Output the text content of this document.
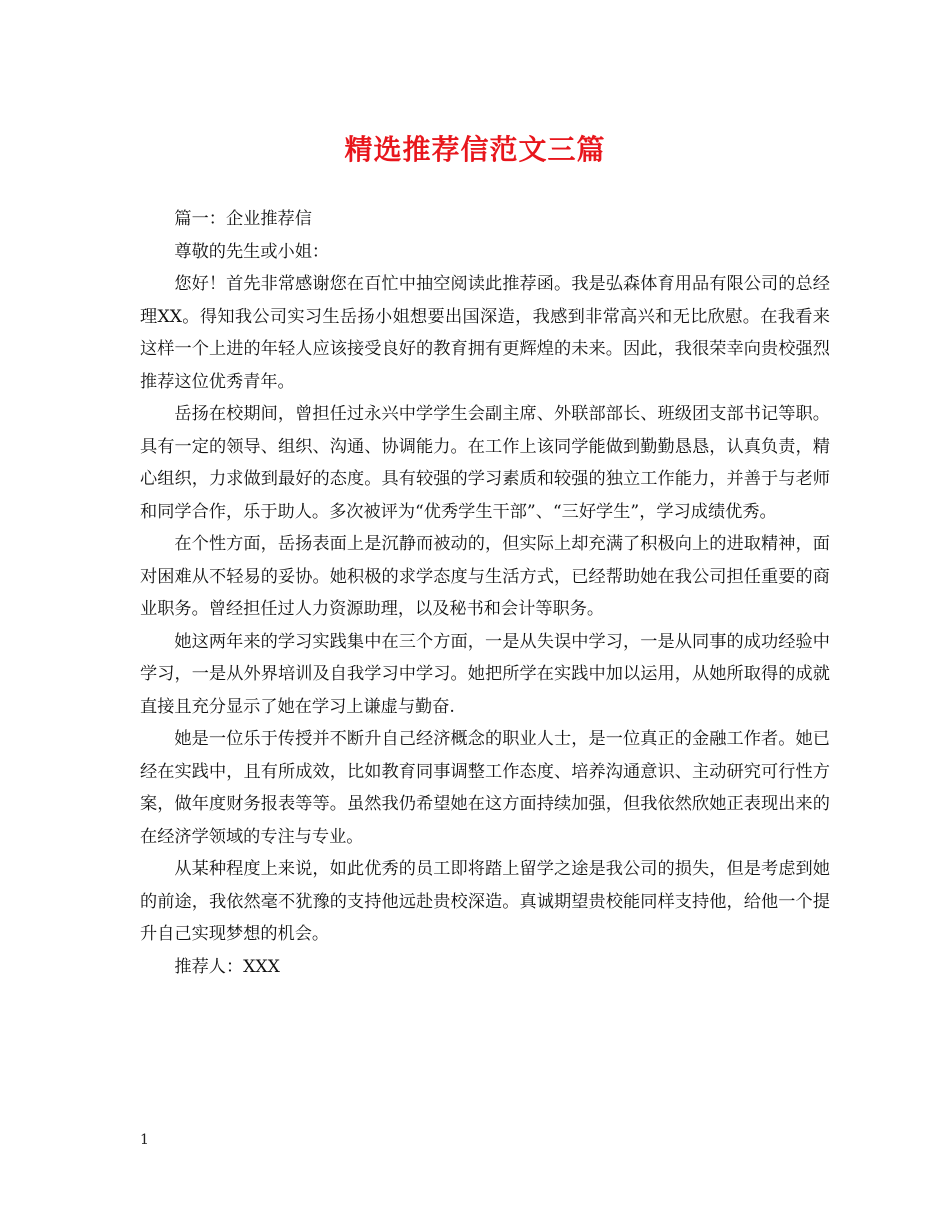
精选推荐信范文三篇

篇一：企业推荐信

尊敬的先生或小姐：

您好！首先非常感谢您在百忙中抽空阅读此推荐函。我是弘森体育用品有限公司的总经理XX。得知我公司实习生岳扬小姐想要出国深造，我感到非常高兴和无比欣慰。在我看来这样一个上进的年轻人应该接受良好的教育拥有更辉煌的未来。因此，我很荣幸向贵校强烈推荐这位优秀青年。

岳扬在校期间，曾担任过永兴中学学生会副主席、外联部部长、班级团支部书记等职。具有一定的领导、组织、沟通、协调能力。在工作上该同学能做到勤勤恳恳，认真负责，精心组织，力求做到最好的态度。具有较强的学习素质和较强的独立工作能力，并善于与老师和同学合作，乐于助人。多次被评为“优秀学生干部”、“三好学生”，学习成绩优秀。

在个性方面，岳扬表面上是沉静而被动的，但实际上却充满了积极向上的进取精神，面对困难从不轻易的妥协。她积极的求学态度与生活方式，已经帮助她在我公司担任重要的商业职务。曾经担任过人力资源助理，以及秘书和会计等职务。

她这两年来的学习实践集中在三个方面，一是从失误中学习，一是从同事的成功经验中学习，一是从外界培训及自我学习中学习。她把所学在实践中加以运用，从她所取得的成就直接且充分显示了她在学习上谦虚与勤奋.

她是一位乐于传授并不断升自己经济概念的职业人士，是一位真正的金融工作者。她已经在实践中，且有所成效，比如教育同事调整工作态度、培养沟通意识、主动研究可行性方案，做年度财务报表等等。虽然我仍希望她在这方面持续加强，但我依然欣她正表现出来的在经济学领域的专注与专业。

从某种程度上来说，如此优秀的员工即将踏上留学之途是我公司的损失，但是考虑到她的前途，我依然毫不犹豫的支持他远赴贵校深造。真诚期望贵校能同样支持他，给他一个提升自己实现梦想的机会。

推荐人：XXX

1
